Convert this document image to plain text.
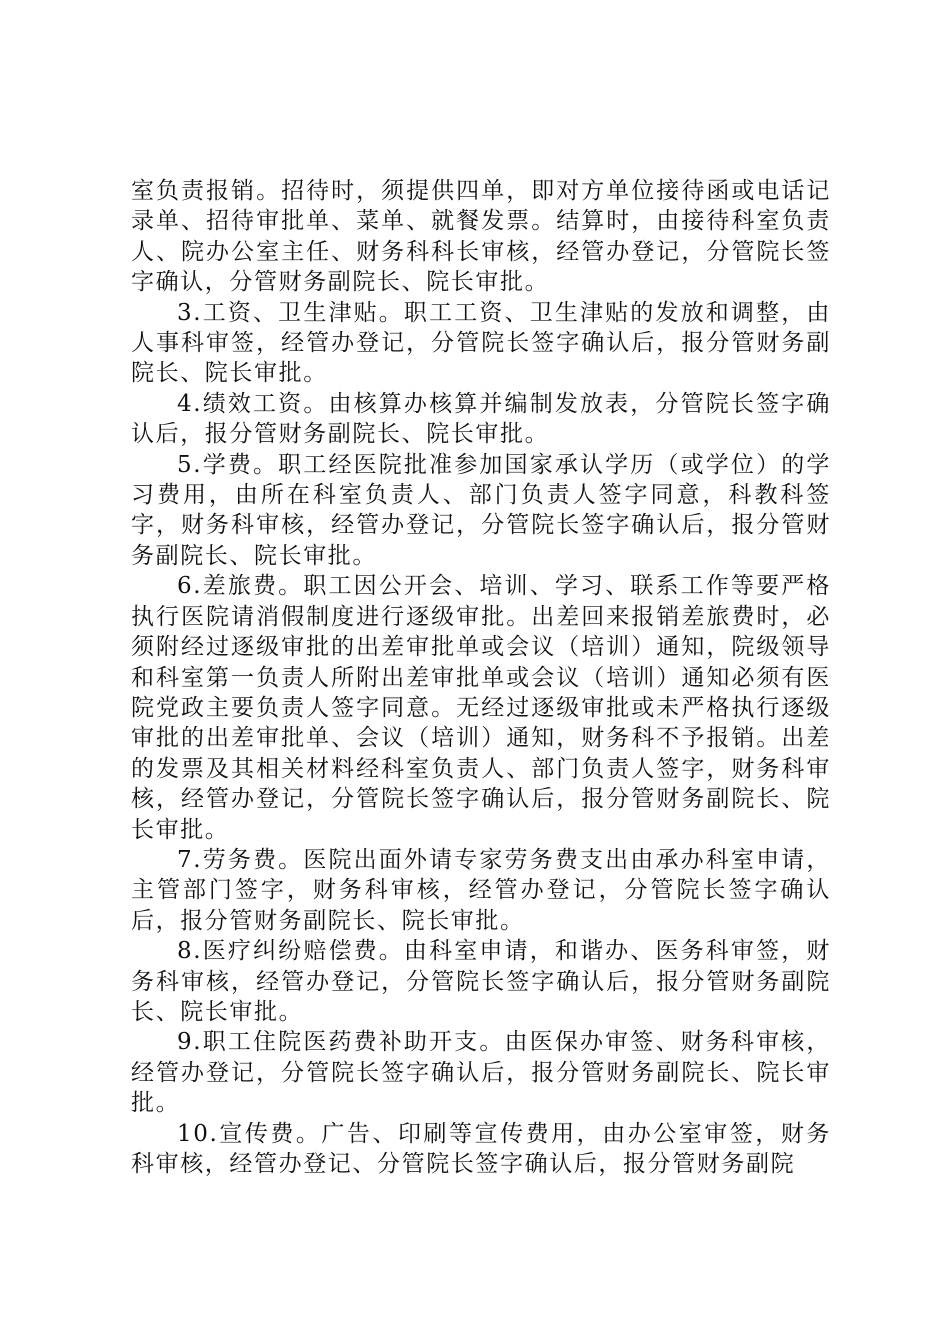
室负责报销。招待时，须提供四单，即对方单位接待函或电话记录单、招待审批单、菜单、就餐发票。结算时，由接待科室负责人、院办公室主任、财务科科长审核，经管办登记，分管院长签字确认，分管财务副院长、院长审批。

3.工资、卫生津贴。职工工资、卫生津贴的发放和调整，由人事科审签，经管办登记，分管院长签字确认后，报分管财务副院长、院长审批。

4.绩效工资。由核算办核算并编制发放表，分管院长签字确认后，报分管财务副院长、院长审批。

5.学费。职工经医院批准参加国家承认学历（或学位）的学习费用，由所在科室负责人、部门负责人签字同意，科教科签字，财务科审核，经管办登记，分管院长签字确认后，报分管财务副院长、院长审批。

6.差旅费。职工因公开会、培训、学习、联系工作等要严格执行医院请消假制度进行逐级审批。出差回来报销差旅费时，必须附经过逐级审批的出差审批单或会议（培训）通知，院级领导和科室第一负责人所附出差审批单或会议（培训）通知必须有医院党政主要负责人签字同意。无经过逐级审批或未严格执行逐级审批的出差审批单、会议（培训）通知，财务科不予报销。出差的发票及其相关材料经科室负责人、部门负责人签字，财务科审核，经管办登记，分管院长签字确认后，报分管财务副院长、院长审批。

7.劳务费。医院出面外请专家劳务费支出由承办科室申请，主管部门签字，财务科审核，经管办登记，分管院长签字确认后，报分管财务副院长、院长审批。

8.医疗纠纷赔偿费。由科室申请，和谐办、医务科审签，财务科审核，经管办登记，分管院长签字确认后，报分管财务副院长、院长审批。

9.职工住院医药费补助开支。由医保办审签、财务科审核，经管办登记，分管院长签字确认后，报分管财务副院长、院长审批。

10.宣传费。广告、印刷等宣传费用，由办公室审签，财务科审核，经管办登记、分管院长签字确认后，报分管财务副院
